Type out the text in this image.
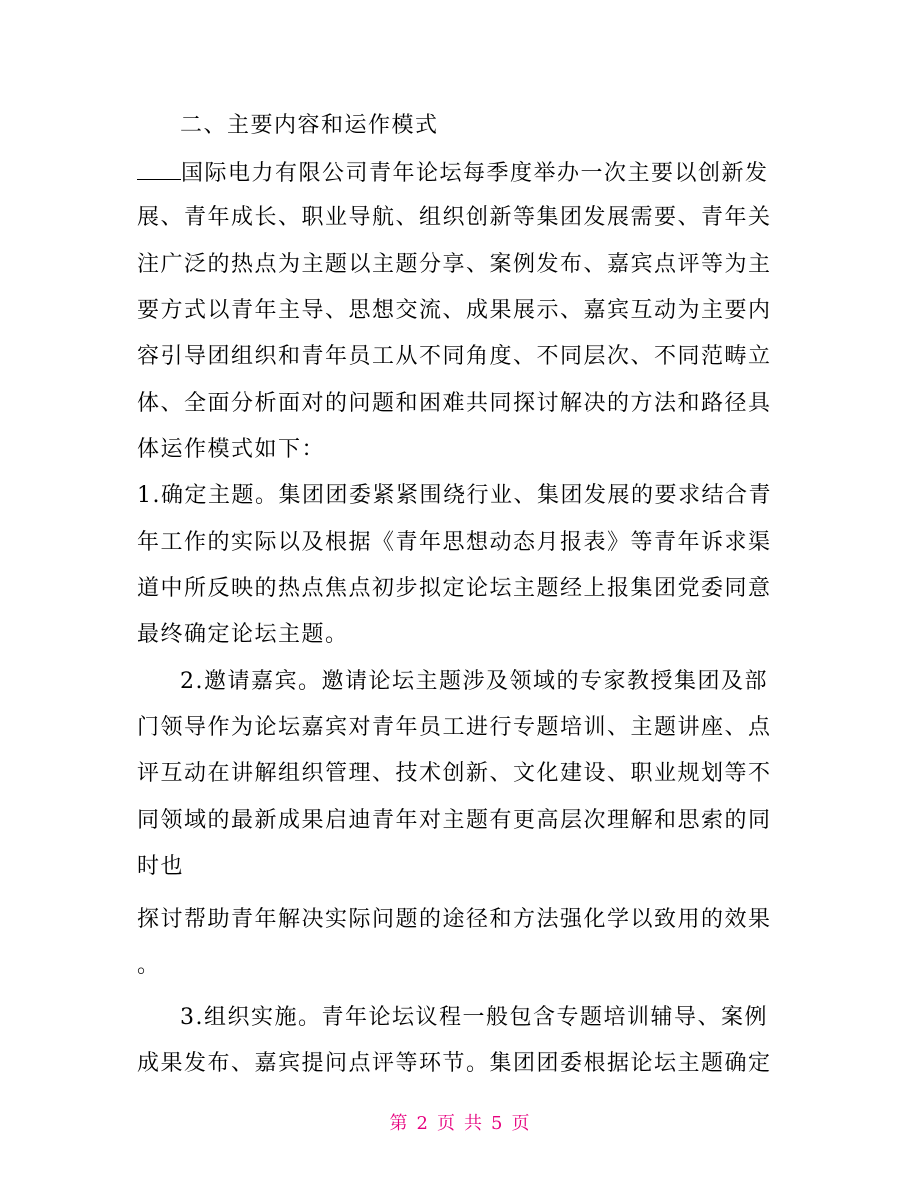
二、主要内容和运作模式
国际电力有限公司青年论坛每季度举办一次主要以创新发
展、青年成长、职业导航、组织创新等集团发展需要、青年关
注广泛的热点为主题以主题分享、案例发布、嘉宾点评等为主
要方式以青年主导、思想交流、成果展示、嘉宾互动为主要内
容引导团组织和青年员工从不同角度、不同层次、不同范畴立
体、全面分析面对的问题和困难共同探讨解决的方法和路径具
体运作模式如下：
1.确定主题。集团团委紧紧围绕行业、集团发展的要求结合青
年工作的实际以及根据《青年思想动态月报表》等青年诉求渠
道中所反映的热点焦点初步拟定论坛主题经上报集团党委同意
最终确定论坛主题。
2.邀请嘉宾。邀请论坛主题涉及领域的专家教授集团及部
门领导作为论坛嘉宾对青年员工进行专题培训、主题讲座、点
评互动在讲解组织管理、技术创新、文化建设、职业规划等不
同领域的最新成果启迪青年对主题有更高层次理解和思索的同
时也
探讨帮助青年解决实际问题的途径和方法强化学以致用的效果
。
3.组织实施。青年论坛议程一般包含专题培训辅导、案例
成果发布、嘉宾提问点评等环节。集团团委根据论坛主题确定
第 2 页 共 5 页
